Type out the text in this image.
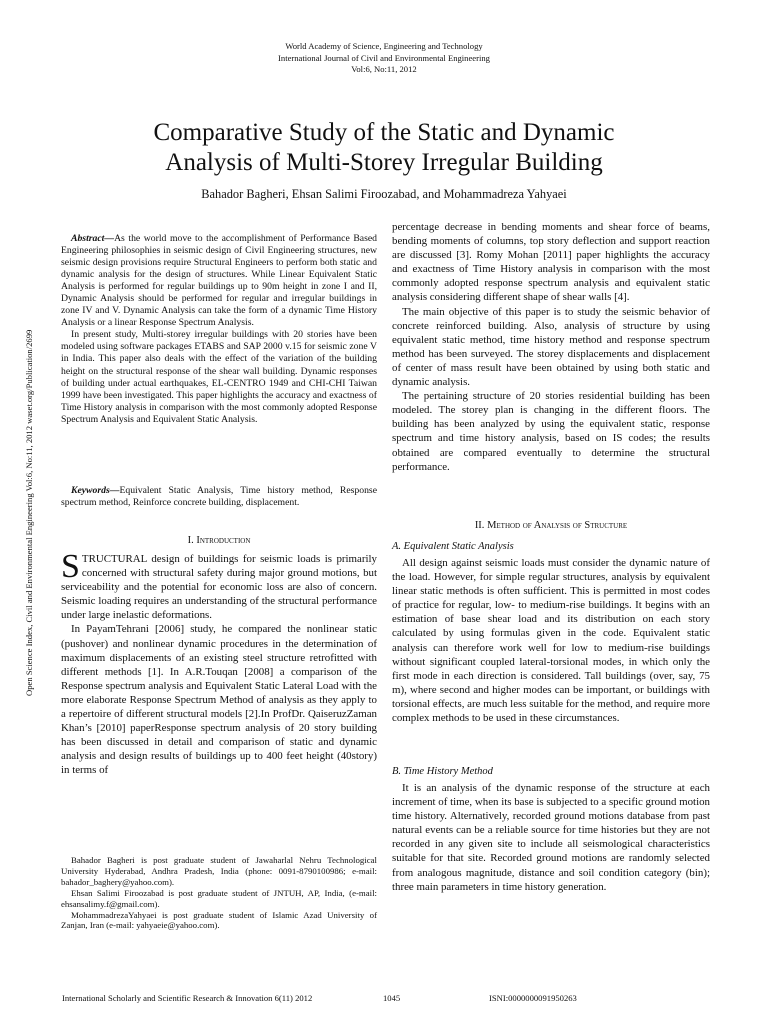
World Academy of Science, Engineering and Technology
International Journal of Civil and Environmental Engineering
Vol:6, No:11, 2012
Comparative Study of the Static and Dynamic
Analysis of Multi-Storey Irregular Building
Bahador Bagheri, Ehsan Salimi Firoozabad, and Mohammadreza Yahyaei
Open Science Index, Civil and Environmental Engineering Vol:6, No:11, 2012 waset.org/Publication/2699

Abstract—As the world move to the accomplishment of Performance Based Engineering philosophies in seismic design of Civil Engineering structures, new seismic design provisions require Structural Engineers to perform both static and dynamic analysis for the design of structures. While Linear Equivalent Static Analysis is performed for regular buildings up to 90m height in zone I and II, Dynamic Analysis should be performed for regular and irregular buildings in zone IV and V. Dynamic Analysis can take the form of a dynamic Time History Analysis or a linear Response Spectrum Analysis.

In present study, Multi-storey irregular buildings with 20 stories have been modeled using software packages ETABS and SAP 2000 v.15 for seismic zone V in India. This paper also deals with the effect of the variation of the building height on the structural response of the shear wall building. Dynamic responses of building under actual earthquakes, EL-CENTRO 1949 and CHI-CHI Taiwan 1999 have been investigated. This paper highlights the accuracy and exactness of Time History analysis in comparison with the most commonly adopted Response Spectrum Analysis and Equivalent Static Analysis.

Keywords—Equivalent Static Analysis, Time history method, Response spectrum method, Reinforce concrete building, displacement.

I. Introduction

STRUCTURAL design of buildings for seismic loads is primarily concerned with structural safety during major ground motions, but serviceability and the potential for economic loss are also of concern. Seismic loading requires an understanding of the structural performance under large inelastic deformations.

In PayamTehrani [2006] study, he compared the nonlinear static (pushover) and nonlinear dynamic procedures in the determination of maximum displacements of an existing steel structure retrofitted with different methods [1]. In A.R.Touqan [2008] a comparison of the Response spectrum analysis and Equivalent Static Lateral Load with the more elaborate Response Spectrum Method of analysis as they apply to a repertoire of different structural models [2].In ProfDr. QaiseruzZaman Khan’s [2010] paperResponse spectrum analysis of 20 story building has been discussed in detail and comparison of static and dynamic analysis and design results of buildings up to 400 feet height (40story) in terms of

Bahador Bagheri is post graduate student of Jawaharlal Nehru Technological University Hyderabad, Andhra Pradesh, India (phone: 0091-8790100986; e-mail: bahador_baghery@yahoo.com).

Ehsan Salimi Firoozabad is post graduate student of JNTUH, AP, India, (e-mail: ehsansalimy.f@gmail.com).

MohammadrezaYahyaei is post graduate student of Islamic Azad University of Zanjan, Iran (e-mail: yahyaeie@yahoo.com).

percentage decrease in bending moments and shear force of beams, bending moments of columns, top story deflection and support reaction are discussed [3]. Romy Mohan [2011] paper highlights the accuracy and exactness of Time History analysis in comparison with the most commonly adopted response spectrum analysis and equivalent static analysis considering different shape of shear walls [4].

The main objective of this paper is to study the seismic behavior of concrete reinforced building. Also, analysis of structure by using equivalent static method, time history method and response spectrum method has been surveyed. The storey displacements and displacement of center of mass result have been obtained by using both static and dynamic analysis.

The pertaining structure of 20 stories residential building has been modeled. The storey plan is changing in the different floors. The building has been analyzed by using the equivalent static, response spectrum and time history analysis, based on IS codes; the results obtained are compared eventually to determine the structural performance.

II. Method of Analysis of Structure
A. Equivalent Static Analysis

All design against seismic loads must consider the dynamic nature of the load. However, for simple regular structures, analysis by equivalent linear static methods is often sufficient. This is permitted in most codes of practice for regular, low- to medium-rise buildings. It begins with an estimation of base shear load and its distribution on each story calculated by using formulas given in the code. Equivalent static analysis can therefore work well for low to medium-rise buildings without significant coupled lateral-torsional modes, in which only the first mode in each direction is considered. Tall buildings (over, say, 75 m), where second and higher modes can be important, or buildings with torsional effects, are much less suitable for the method, and require more complex methods to be used in these circumstances.

B. Time History Method

It is an analysis of the dynamic response of the structure at each increment of time, when its base is subjected to a specific ground motion time history. Alternatively, recorded ground motions database from past natural events can be a reliable source for time histories but they are not recorded in any given site to include all seismological characteristics suitable for that site. Recorded ground motions are randomly selected from analogous magnitude, distance and soil condition category (bin); three main parameters in time history generation.

International Scholarly and Scientific Research & Innovation 6(11) 2012	1045	ISNI:0000000091950263
